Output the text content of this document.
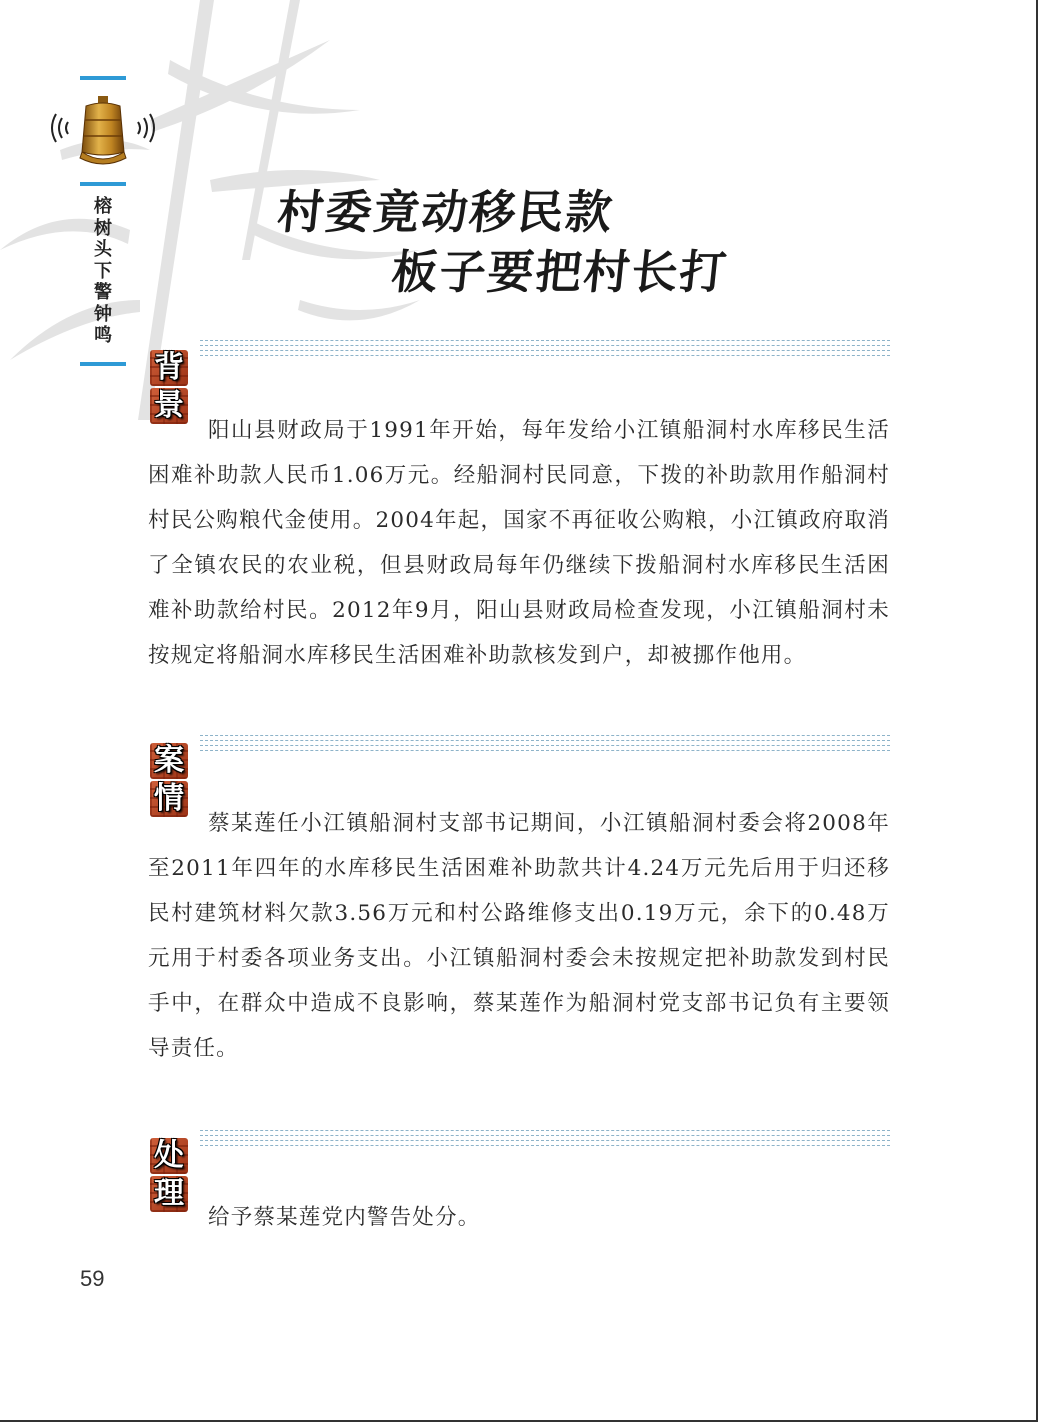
榕树头下警钟鸣
村委竟动移民款
板子要把村长打
背
景

阳山县财政局于1991年开始，每年发给小江镇船洞村水库移民生活困难补助款人民币1.06万元。经船洞村民同意，下拨的补助款用作船洞村村民公购粮代金使用。2004年起，国家不再征收公购粮，小江镇政府取消了全镇农民的农业税，但县财政局每年仍继续下拨船洞村水库移民生活困难补助款给村民。2012年9月，阳山县财政局检查发现，小江镇船洞村未按规定将船洞水库移民生活困难补助款核发到户，却被挪作他用。

案
情

蔡某莲任小江镇船洞村支部书记期间，小江镇船洞村委会将2008年至2011年四年的水库移民生活困难补助款共计4.24万元先后用于归还移民村建筑材料欠款3.56万元和村公路维修支出0.19万元，余下的0.48万元用于村委各项业务支出。小江镇船洞村委会未按规定把补助款发到村民手中，在群众中造成不良影响，蔡某莲作为船洞村党支部书记负有主要领导责任。

处
理

给予蔡某莲党内警告处分。

59
